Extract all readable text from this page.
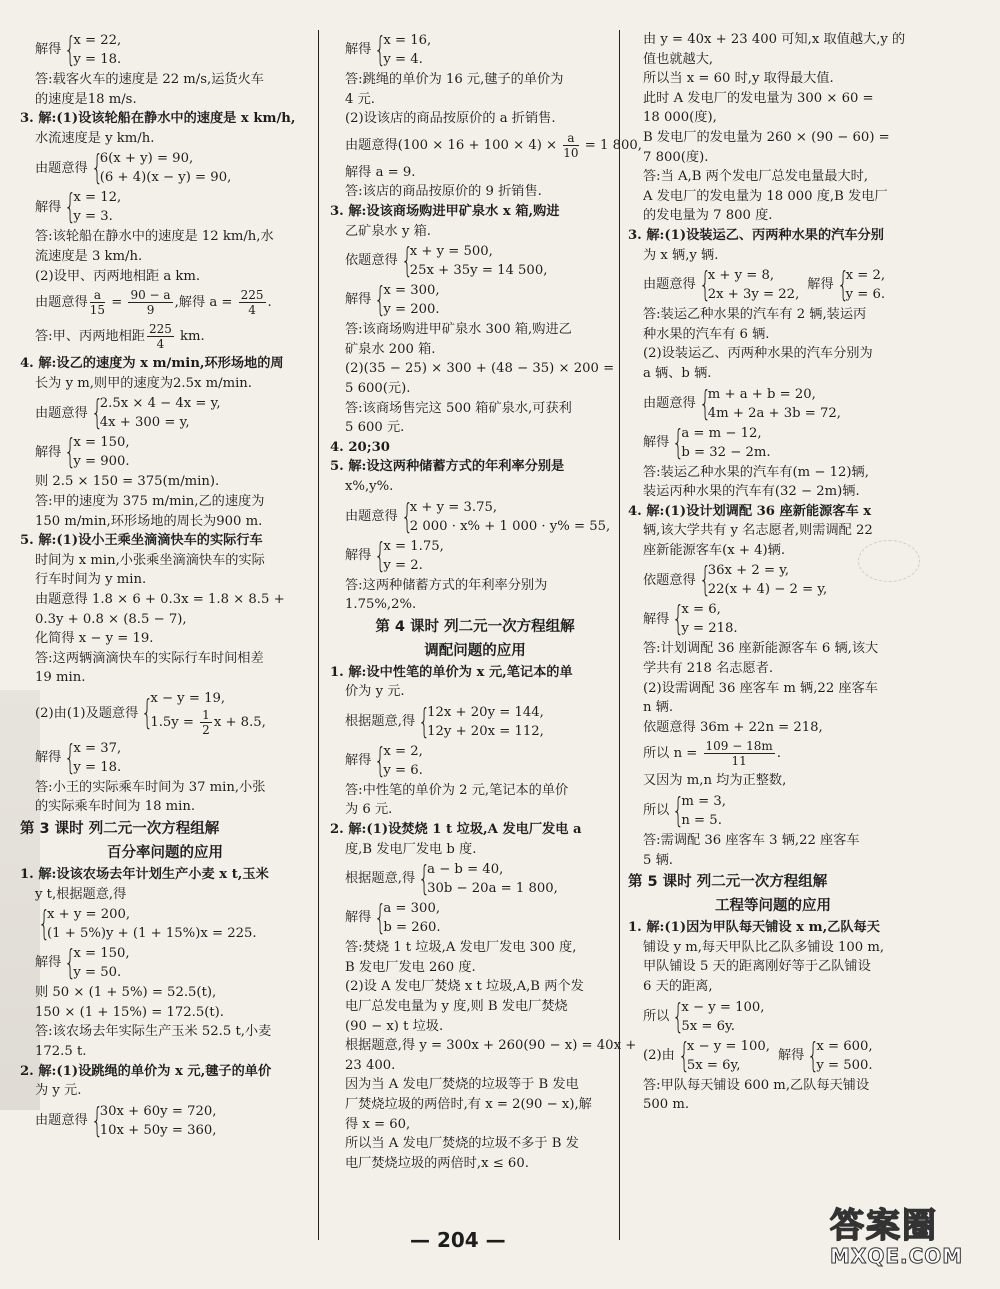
解得 {
x = 22,
y = 18.
答:载客火车的速度是 22 m/s,运货火车
的速度是18 m/s.
3. 解:(1)设该轮船在静水中的速度是 x km/h,
水流速度是 y km/h.
由题意得 {
6(x + y) = 90,
(6 + 4)(x − y) = 90,
解得 {
x = 12,
y = 3.
答:该轮船在静水中的速度是 12 km/h,水
流速度是 3 km/h.
(2)设甲、丙两地相距 a km.
由题意得 $\frac{a}{15} = \frac{90 - a}{9}$ ,解得 $a = \frac{225}{4}$ .
答:甲、丙两地相距 $\frac{225}{4}$ km.
4. 解:设乙的速度为 x m/min,环形场地的周
长为 y m,则甲的速度为2.5x m/min.
由题意得 {
2.5x × 4 − 4x = y,
4x + 300 = y,
解得 {
x = 150,
y = 900.
则 2.5 × 150 = 375(m/min).
答:甲的速度为 375 m/min,乙的速度为
150 m/min,环形场地的周长为900 m.
5. 解:(1)设小王乘坐滴滴快车的实际行车
时间为 x min,小张乘坐滴滴快车的实际
行车时间为 y min.
由题意得 1.8 × 6 + 0.3x = 1.8 × 8.5 +
0.3y + 0.8 × (8.5 − 7),
化简得 x − y = 19.
答:这两辆滴滴快车的实际行车时间相差
19 min.
(2)由(1)及题意得 {
x − y = 19,
$1.5y = \frac{1}{2}$ x + 8.5,
解得 {
x = 37,
y = 18.
答:小王的实际乘车时间为 37 min,小张
的实际乘车时间为 18 min.
第 3 课时 列二元一次方程组解
百分率问题的应用
1. 解:设该农场去年计划生产小麦 x t,玉米
y t,根据题意,得
{
x + y = 200,
(1 + 5%)y + (1 + 15%)x = 225.
解得 {
x = 150,
y = 50.
则 50 × (1 + 5%) = 52.5(t),
150 × (1 + 15%) = 172.5(t).
答:该农场去年实际生产玉米 52.5 t,小麦
172.5 t.
2. 解:(1)设跳绳的单价为 x 元,毽子的单价
为 y 元.
由题意得 {
30x + 60y = 720,
10x + 50y = 360,
解得 {
x = 16,
y = 4.
答:跳绳的单价为 16 元,毽子的单价为
4 元.
(2)设该店的商品按原价的 a 折销售.
由题意得$(100 \times 16 + 100 \times 4) \times \frac{a}{10} = 1$ 800,
解得 a = 9.
答:该店的商品按原价的 9 折销售.
3. 解:设该商场购进甲矿泉水 x 箱,购进
乙矿泉水 y 箱.
依题意得 {
x + y = 500,
25x + 35y = 14 500,
解得 {
x = 300,
y = 200.
答:该商场购进甲矿泉水 300 箱,购进乙
矿泉水 200 箱.
(2)(35 − 25) × 300 + (48 − 35) × 200 =
5 600(元).
答:该商场售完这 500 箱矿泉水,可获利
5 600 元.
4. 20;30
5. 解:设这两种储蓄方式的年利率分别是
x%,y%.
由题意得 {
x + y = 3.75,
2 000 · x% + 1 000 · y% = 55,
解得 {
x = 1.75,
y = 2.
答:这两种储蓄方式的年利率分别为
1.75%,2%.
第 4 课时 列二元一次方程组解
调配问题的应用
1. 解:设中性笔的单价为 x 元,笔记本的单
价为 y 元.
根据题意,得 {
12x + 20y = 144,
12y + 20x = 112,
解得 {
x = 2,
y = 6.
答:中性笔的单价为 2 元,笔记本的单价
为 6 元.
2. 解:(1)设焚烧 1 t 垃圾,A 发电厂发电 a
度,B 发电厂发电 b 度.
根据题意,得 {
a − b = 40,
30b − 20a = 1 800,
解得 {
a = 300,
b = 260.
答:焚烧 1 t 垃圾,A 发电厂发电 300 度,
B 发电厂发电 260 度.
(2)设 A 发电厂焚烧 x t 垃圾,A,B 两个发
电厂总发电量为 y 度,则 B 发电厂焚烧
(90 − x) t 垃圾.
根据题意,得 y = 300x + 260(90 − x) = 40x +
23 400.
因为当 A 发电厂焚烧的垃圾等于 B 发电
厂焚烧垃圾的两倍时,有 x = 2(90 − x),解
得 x = 60,
所以当 A 发电厂焚烧的垃圾不多于 B 发
电厂焚烧垃圾的两倍时,x ≤ 60.
由 y = 40x + 23 400 可知,x 取值越大,y 的
值也就越大,
所以当 x = 60 时,y 取得最大值.
此时 A 发电厂的发电量为 300 × 60 =
18 000(度),
B 发电厂的发电量为 260 × (90 − 60) =
7 800(度).
答:当 A,B 两个发电厂总发电量最大时,
A 发电厂的发电量为 18 000 度,B 发电厂
的发电量为 7 800 度.
3. 解:(1)设装运乙、丙两种水果的汽车分别
为 x 辆,y 辆.
由题意得 {
x + y = 8,
2x + 3y = 22,
解得 {
x = 2,
y = 6.
答:装运乙种水果的汽车有 2 辆,装运丙
种水果的汽车有 6 辆.
(2)设装运乙、丙两种水果的汽车分别为
a 辆、b 辆.
由题意得 {
m + a + b = 20,
4m + 2a + 3b = 72,
解得 {
a = m − 12,
b = 32 − 2m.
答:装运乙种水果的汽车有(m − 12)辆,
装运丙种水果的汽车有(32 − 2m)辆.
4. 解:(1)设计划调配 36 座新能源客车 x
辆,该大学共有 y 名志愿者,则需调配 22
座新能源客车(x + 4)辆.
依题意得 {
36x + 2 = y,
22(x + 4) − 2 = y,
解得 {
x = 6,
y = 218.
答:计划调配 36 座新能源客车 6 辆,该大
学共有 218 名志愿者.
(2)设需调配 36 座客车 m 辆,22 座客车
n 辆.
依题意得 36m + 22n = 218,
所以 $n = \frac{109 - 18m}{11}$ .
又因为 m,n 均为正整数,
所以 {
m = 3,
n = 5.
答:需调配 36 座客车 3 辆,22 座客车
5 辆.
第 5 课时 列二元一次方程组解
工程等问题的应用
1. 解:(1)因为甲队每天铺设 x m,乙队每天
铺设 y m,每天甲队比乙队多铺设 100 m,
甲队铺设 5 天的距离刚好等于乙队铺设
6 天的距离,
所以 {
x − y = 100,
5x = 6y.
(2)由 {
x − y = 100,
5x = 6y,
解得 {
x = 600,
y = 500.
答:甲队每天铺设 600 m,乙队每天铺设
500 m.
— 204 —	答案圈
MXQE.COM
